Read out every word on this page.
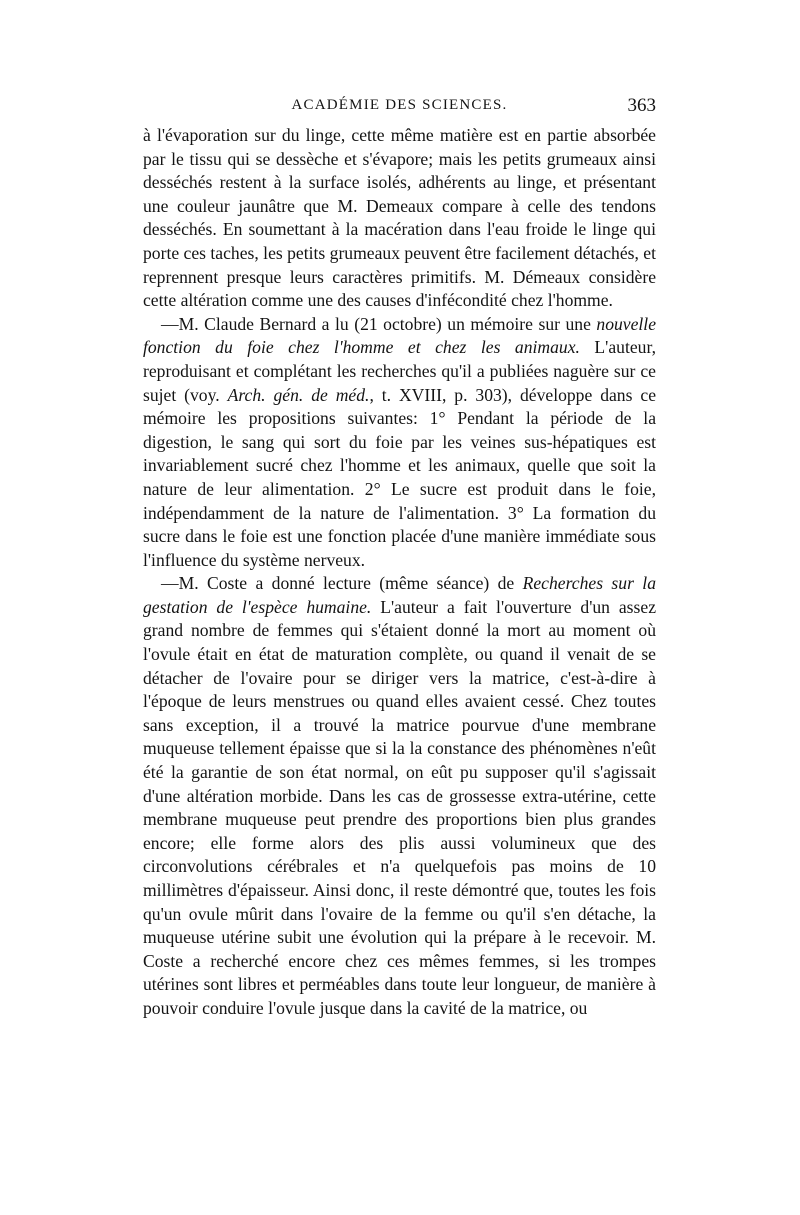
ACADÉMIE DES SCIENCES.	363

à l'évaporation sur du linge, cette même matière est en partie absorbée par le tissu qui se dessèche et s'évapore; mais les petits grumeaux ainsi desséchés restent à la surface isolés, adhérents au linge, et présentant une couleur jaunâtre que M. Demeaux compare à celle des tendons desséchés. En soumettant à la macération dans l'eau froide le linge qui porte ces taches, les petits grumeaux peuvent être facilement détachés, et reprennent presque leurs caractères primitifs. M. Démeaux considère cette altération comme une des causes d'infécondité chez l'homme.

—M. Claude Bernard a lu (21 octobre) un mémoire sur une nouvelle fonction du foie chez l'homme et chez les animaux. L'auteur, reproduisant et complétant les recherches qu'il a publiées naguère sur ce sujet (voy. Arch. gén. de méd., t. XVIII, p. 303), développe dans ce mémoire les propositions suivantes: 1° Pendant la période de la digestion, le sang qui sort du foie par les veines sus-hépatiques est invariablement sucré chez l'homme et les animaux, quelle que soit la nature de leur alimentation. 2° Le sucre est produit dans le foie, indépendamment de la nature de l'alimentation. 3° La formation du sucre dans le foie est une fonction placée d'une manière immédiate sous l'influence du système nerveux.

—M. Coste a donné lecture (même séance) de Recherches sur la gestation de l'espèce humaine. L'auteur a fait l'ouverture d'un assez grand nombre de femmes qui s'étaient donné la mort au moment où l'ovule était en état de maturation complète, ou quand il venait de se détacher de l'ovaire pour se diriger vers la matrice, c'est-à-dire à l'époque de leurs menstrues ou quand elles avaient cessé. Chez toutes sans exception, il a trouvé la matrice pourvue d'une membrane muqueuse tellement épaisse que si la la constance des phénomènes n'eût été la garantie de son état normal, on eût pu supposer qu'il s'agissait d'une altération morbide. Dans les cas de grossesse extra-utérine, cette membrane muqueuse peut prendre des proportions bien plus grandes encore; elle forme alors des plis aussi volumineux que des circonvolutions cérébrales et n'a quelquefois pas moins de 10 millimètres d'épaisseur. Ainsi donc, il reste démontré que, toutes les fois qu'un ovule mûrit dans l'ovaire de la femme ou qu'il s'en détache, la muqueuse utérine subit une évolution qui la prépare à le recevoir. M. Coste a recherché encore chez ces mêmes femmes, si les trompes utérines sont libres et perméables dans toute leur longueur, de manière à pouvoir conduire l'ovule jusque dans la cavité de la matrice, ou
